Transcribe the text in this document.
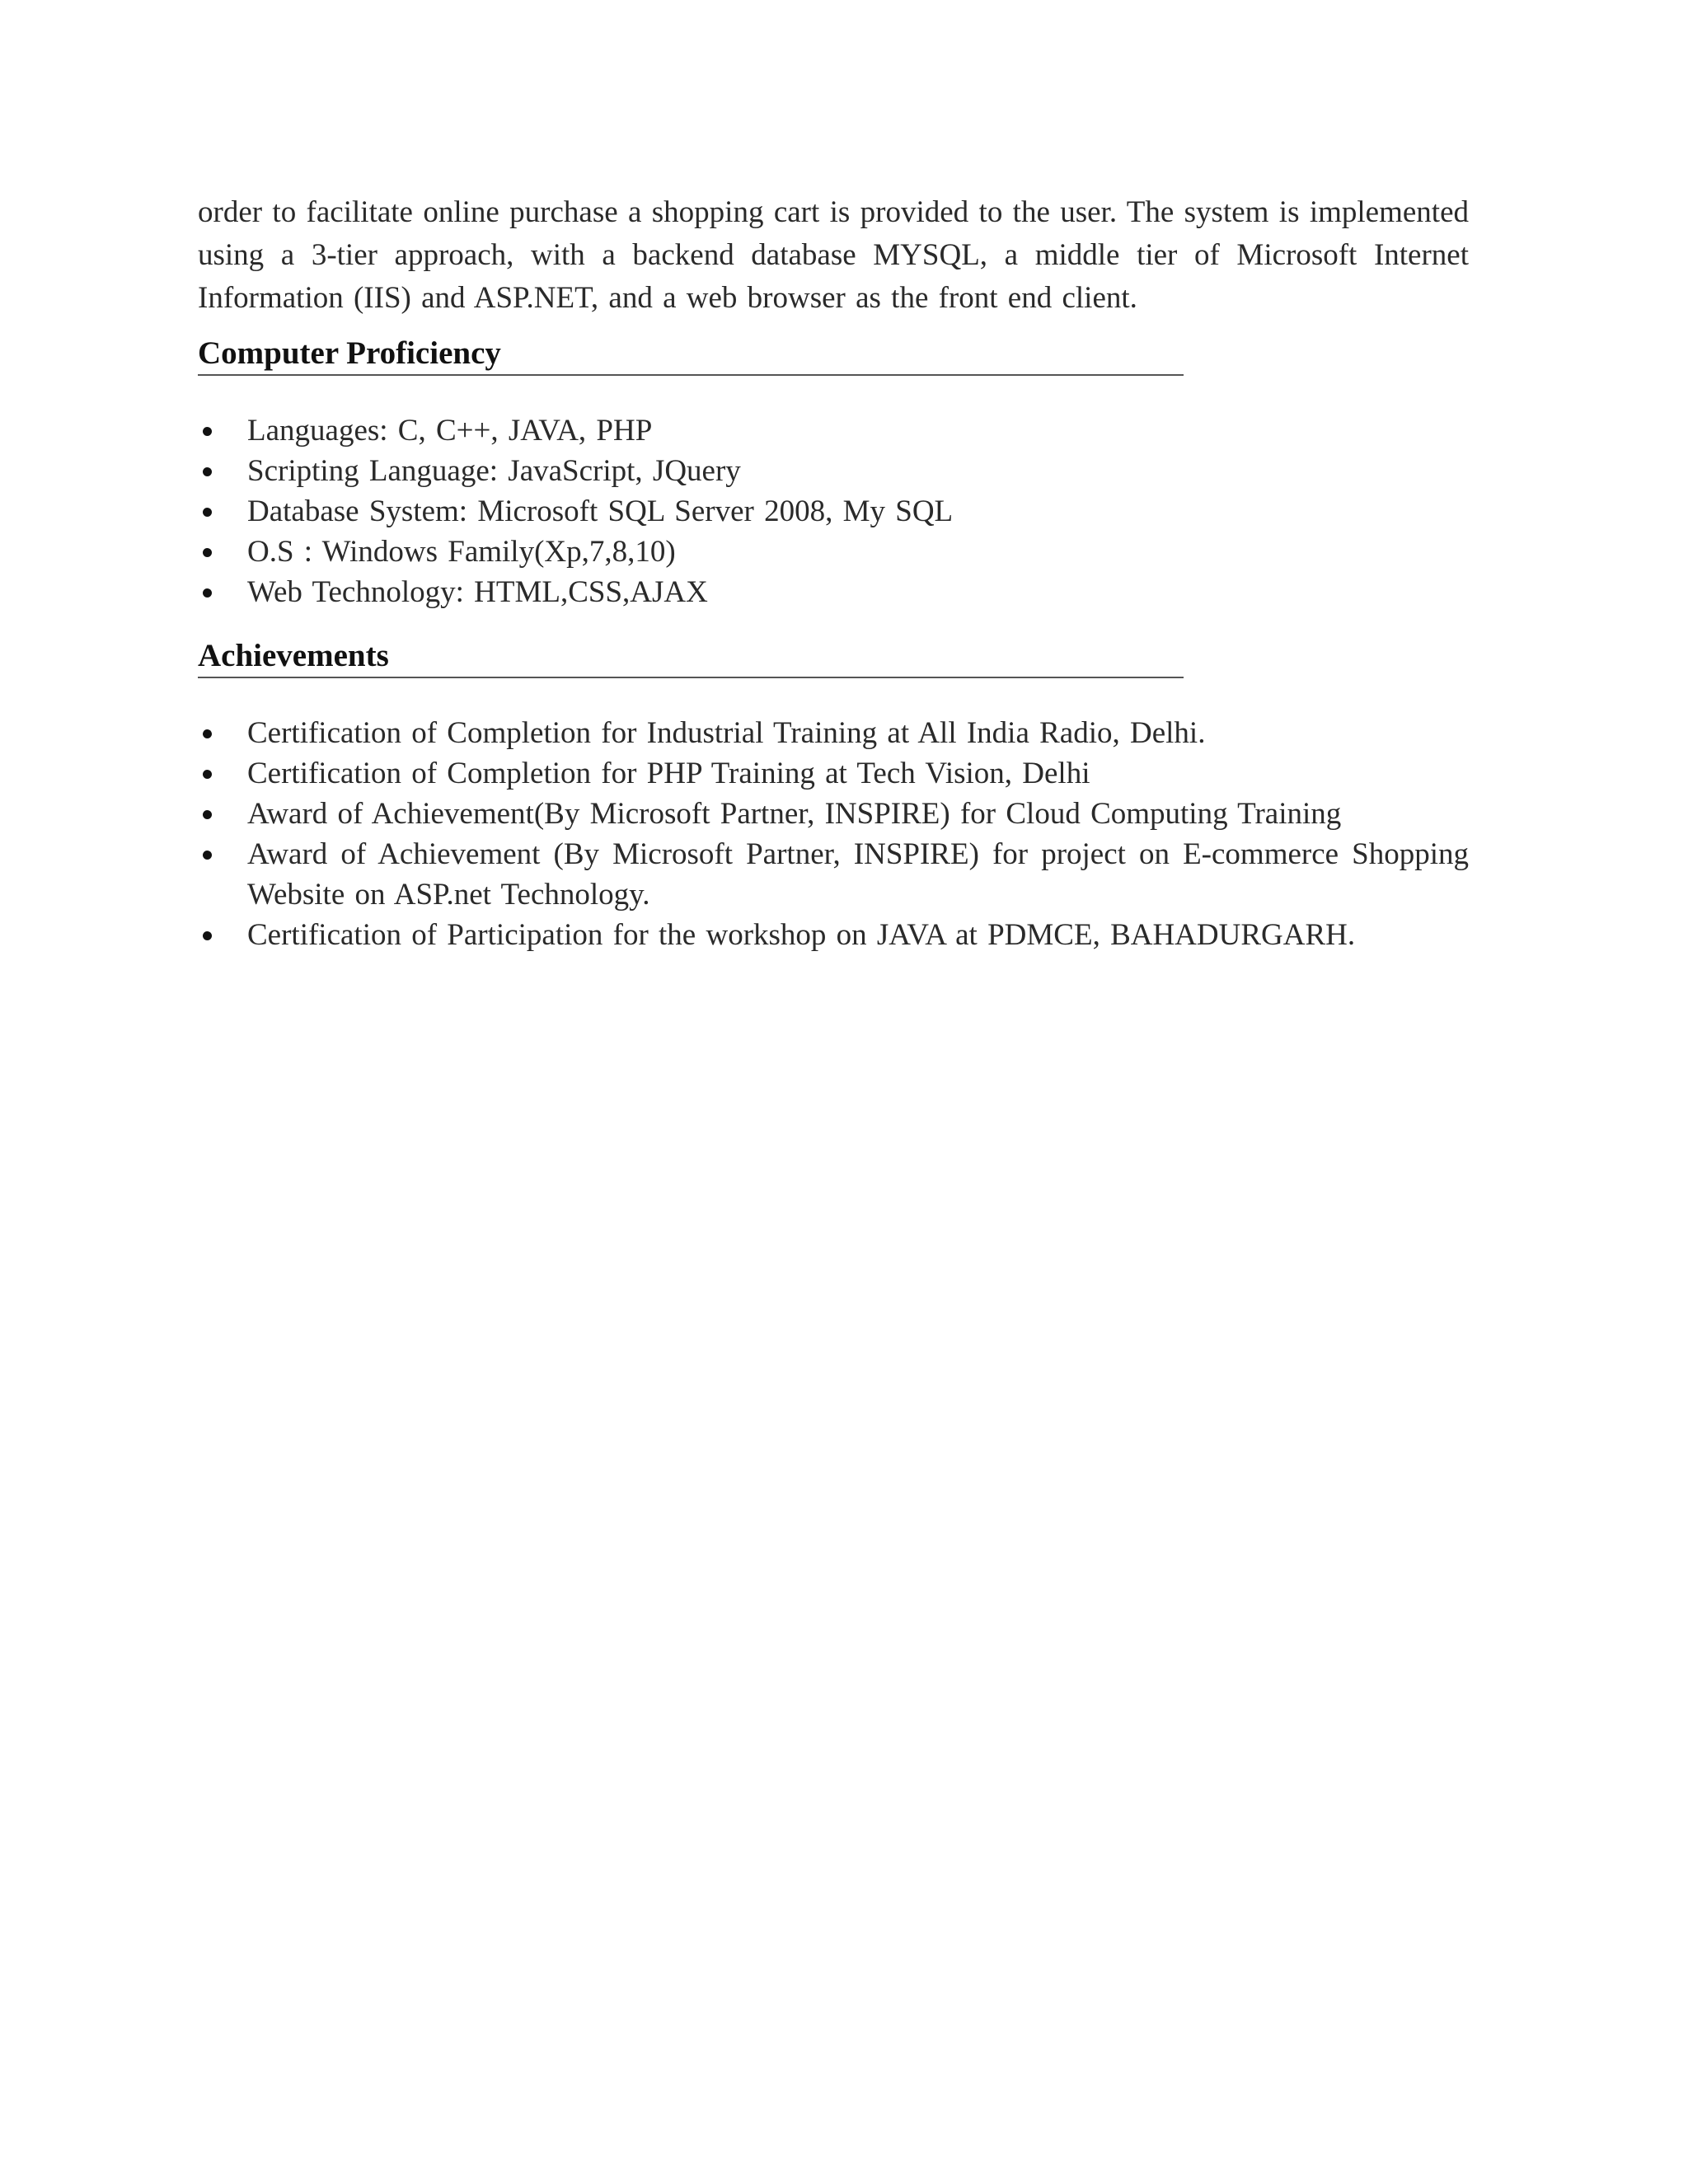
order to facilitate online purchase a shopping cart is provided to the user. The system is implemented using a 3-tier approach, with a backend database MYSQL, a middle tier of Microsoft Internet Information (IIS) and ASP.NET, and a web browser as the front end client.

Computer Proficiency
Languages: C, C++, JAVA, PHP
Scripting Language: JavaScript, JQuery
Database System: Microsoft SQL Server 2008, My SQL
O.S : Windows Family(Xp,7,8,10)
Web Technology: HTML,CSS,AJAX
Achievements
Certification of Completion for Industrial Training at All India Radio, Delhi.
Certification of Completion for PHP Training at Tech Vision, Delhi
Award of Achievement(By Microsoft Partner, INSPIRE) for Cloud Computing Training
Award of Achievement (By Microsoft Partner, INSPIRE) for project on E-commerce Shopping Website on ASP.net Technology.
Certification of Participation for the workshop on JAVA at PDMCE, BAHADURGARH.
